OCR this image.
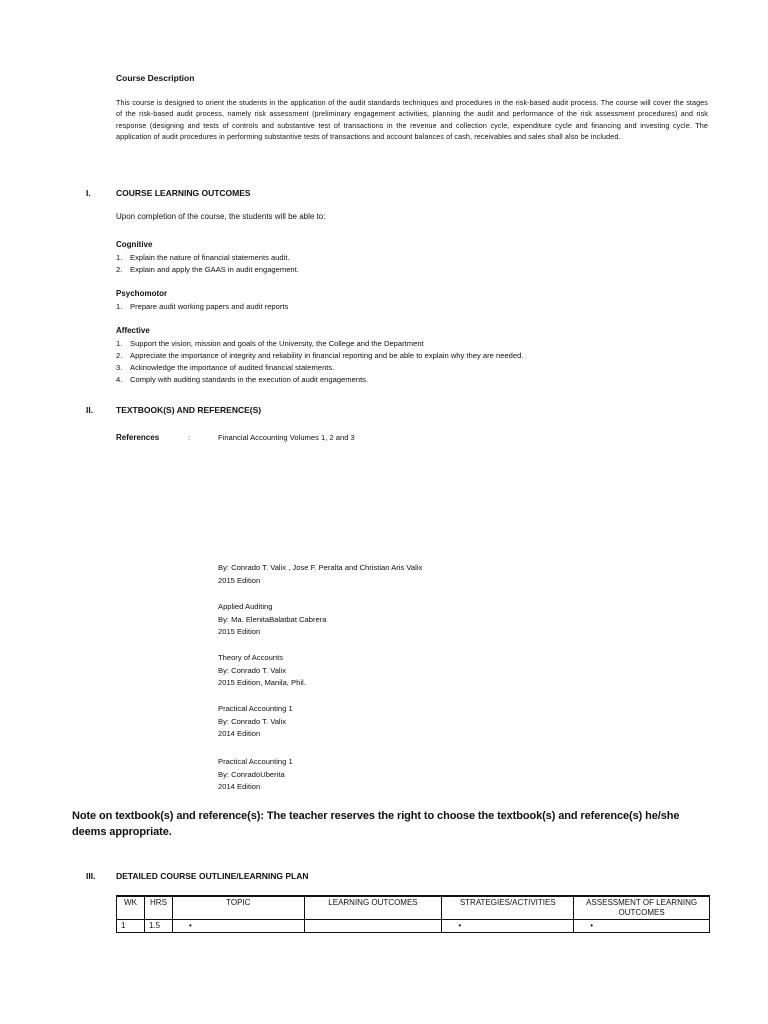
Course Description
This course is designed to orient the students in the application of the audit standards techniques and procedures in the risk-based audit process. The course will cover the stages of the risk-based audit process, namely risk assessment (preliminary engagement activities, planning the audit and performance of the risk assessment procedures) and risk response (designing and tests of controls and substantive test of transactions in the revenue and collection cycle, expenditure cycle and financing and investing cycle. The application of audit procedures in performing substantive tests of transactions and account balances of cash, receivables and sales shall also be included.
I.	COURSE LEARNING OUTCOMES
Upon completion of the course, the students will be able to:
Cognitive
1. Explain the nature of financial statements audit.
2. Explain and apply the GAAS in audit engagement.
Psychomotor
1. Prepare audit working papers and audit reports
Affective
1. Support the vision, mission and goals of the University, the College and the Department
2. Appreciate the importance of integrity and reliability in financial reporting and be able to explain why they are needed.
3. Acknowledge the importance of audited financial statements.
4. Comply with auditing standards in the execution of audit engagements.
II.	TEXTBOOK(S) AND REFERENCE(S)
References	:	Financial Accounting Volumes 1, 2 and 3
By: Conrado T. Valix , Jose F. Peralta and Christian Aris Valix
2015 Edition
Applied Auditing
By: Ma. ElenitaBalatbat Cabrera
2015 Edition
Theory of Accounts
By: Conrado T. Valix
2015 Edition, Manila, Phil.
Practical Accounting 1
By: Conrado T. Valix
2014 Edition
Practical Accounting 1
By: ConradoUberita
2014 Edition
Note on textbook(s) and reference(s): The teacher reserves the right to choose the textbook(s) and reference(s) he/she deems appropriate.
III. DETAILED COURSE OUTLINE/LEARNING PLAN
WK	HRS	TOPIC	LEARNING OUTCOMES	STRATEGIES/ACTIVITIES	ASSESSMENT OF LEARNING OUTCOMES
1	1.5	•		•	•
